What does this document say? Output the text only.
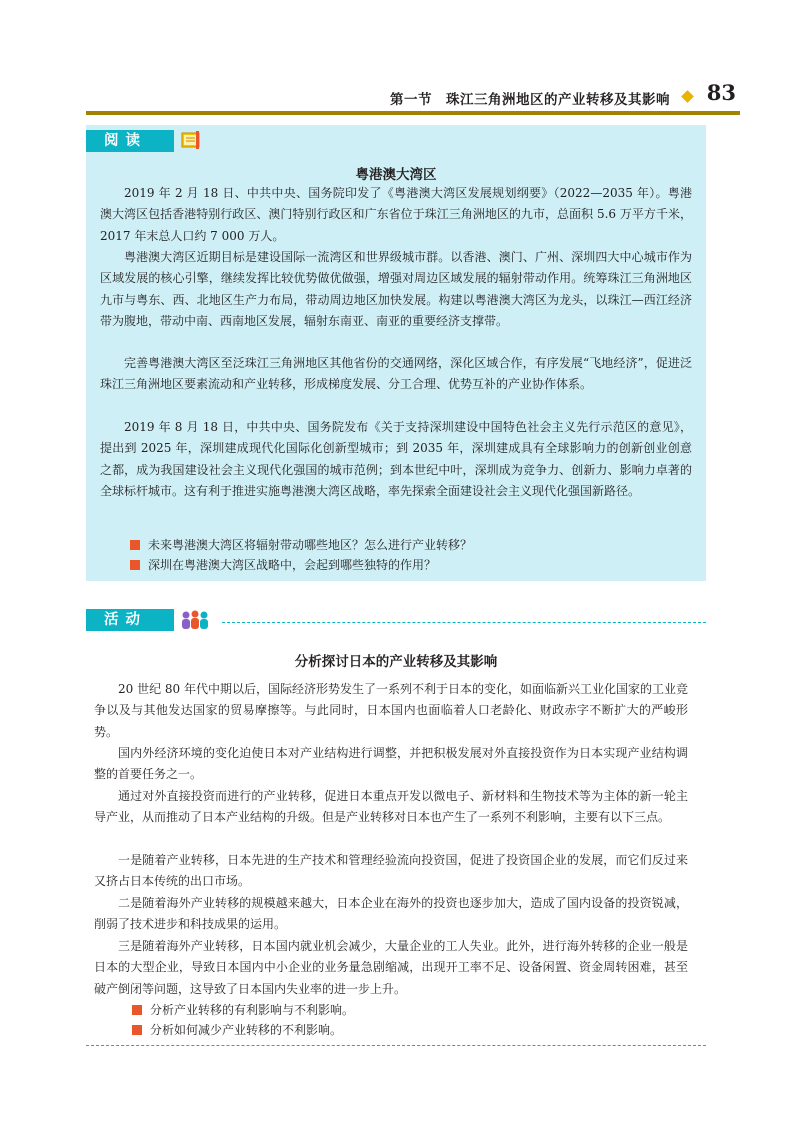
第一节　珠江三角洲地区的产业转移及其影响 83
阅读
粤港澳大湾区

2019 年 2 月 18 日、中共中央、国务院印发了《粤港澳大湾区发展规划纲要》（2022—2035 年）。粤港澳大湾区包括香港特别行政区、澳门特别行政区和广东省位于珠江三角洲地区的九市，总面积 5.6 万平方千米，2017 年末总人口约 7 000 万人。

粤港澳大湾区近期目标是建设国际一流湾区和世界级城市群。以香港、澳门、广州、深圳四大中心城市作为区域发展的核心引擎，继续发挥比较优势做优做强，增强对周边区域发展的辐射带动作用。统筹珠江三角洲地区九市与粤东、西、北地区生产力布局，带动周边地区加快发展。构建以粤港澳大湾区为龙头，以珠江—西江经济带为腹地，带动中南、西南地区发展，辐射东南亚、南亚的重要经济支撑带。

完善粤港澳大湾区至泛珠江三角洲地区其他省份的交通网络，深化区域合作，有序发展“飞地经济”，促进泛珠江三角洲地区要素流动和产业转移，形成梯度发展、分工合理、优势互补的产业协作体系。

2019 年 8 月 18 日，中共中央、国务院发布《关于支持深圳建设中国特色社会主义先行示范区的意见》，提出到 2025 年，深圳建成现代化国际化创新型城市；到 2035 年，深圳建成具有全球影响力的创新创业创意之都，成为我国建设社会主义现代化强国的城市范例；到本世纪中叶，深圳成为竞争力、创新力、影响力卓著的全球标杆城市。这有利于推进实施粤港澳大湾区战略，率先探索全面建设社会主义现代化强国新路径。

未来粤港澳大湾区将辐射带动哪些地区？怎么进行产业转移？
深圳在粤港澳大湾区战略中，会起到哪些独特的作用？
活动
分析探讨日本的产业转移及其影响

20 世纪 80 年代中期以后，国际经济形势发生了一系列不利于日本的变化，如面临新兴工业化国家的工业竞争以及与其他发达国家的贸易摩擦等。与此同时，日本国内也面临着人口老龄化、财政赤字不断扩大的严峻形势。

国内外经济环境的变化迫使日本对产业结构进行调整，并把积极发展对外直接投资作为日本实现产业结构调整的首要任务之一。

通过对外直接投资而进行的产业转移，促进日本重点开发以微电子、新材料和生物技术等为主体的新一轮主导产业，从而推动了日本产业结构的升级。但是产业转移对日本也产生了一系列不利影响，主要有以下三点。

一是随着产业转移，日本先进的生产技术和管理经验流向投资国，促进了投资国企业的发展，而它们反过来又挤占日本传统的出口市场。

二是随着海外产业转移的规模越来越大，日本企业在海外的投资也逐步加大，造成了国内设备的投资锐减，削弱了技术进步和科技成果的运用。

三是随着海外产业转移，日本国内就业机会减少，大量企业的工人失业。此外，进行海外转移的企业一般是日本的大型企业，导致日本国内中小企业的业务量急剧缩减，出现开工率不足、设备闲置、资金周转困难，甚至破产倒闭等问题，这导致了日本国内失业率的进一步上升。

分析产业转移的有利影响与不利影响。
分析如何减少产业转移的不利影响。
